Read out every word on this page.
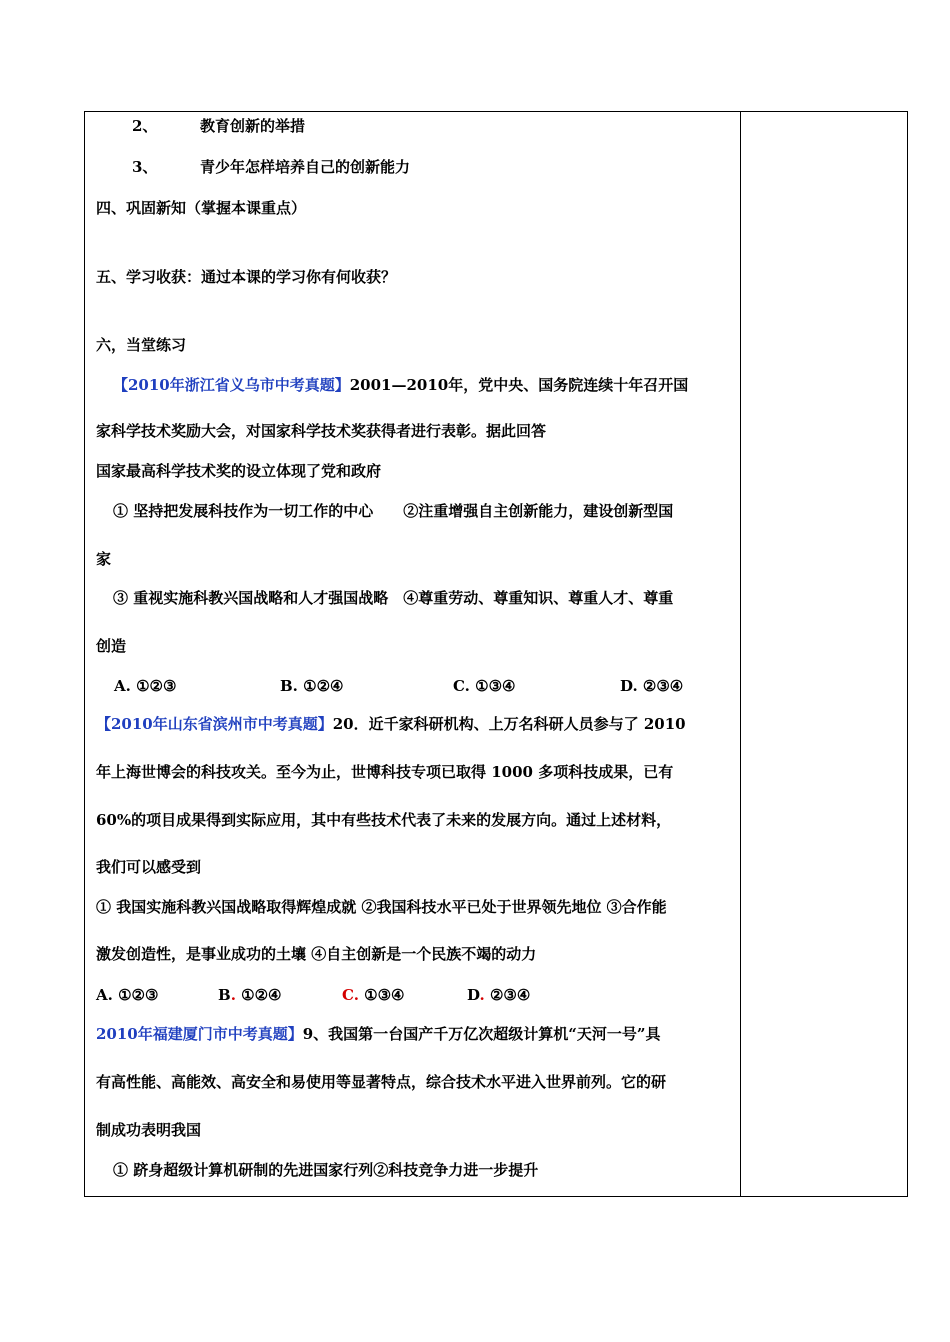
2、	教育创新的举措
3、	青少年怎样培养自己的创新能力
四、巩固新知（掌握本课重点）
五、学习收获：通过本课的学习你有何收获？
六，当堂练习
【2010年浙江省义乌市中考真题】2001—2010年，党中央、国务院连续十年召开国
家科学技术奖励大会，对国家科学技术奖获得者进行表彰。据此回答
国家最高科学技术奖的设立体现了党和政府
① 坚持把发展科技作为一切工作的中心　　②注重增强自主创新能力，建设创新型国
家
③ 重视实施科教兴国战略和人才强国战略　④尊重劳动、尊重知识、尊重人才、尊重
创造
A. ①②③	B. ①②④	C. ①③④	D. ②③④
【2010年山东省滨州市中考真题】20．近千家科研机构、上万名科研人员参与了 2010
年上海世博会的科技攻关。至今为止，世博科技专项已取得 1000 多项科技成果，已有
60%的项目成果得到实际应用，其中有些技术代表了未来的发展方向。通过上述材料，
我们可以感受到
① 我国实施科教兴国战略取得辉煌成就 ②我国科技水平已处于世界领先地位 ③合作能
激发创造性，是事业成功的土壤 ④自主创新是一个民族不竭的动力
A. ①②③	B. ①②④	C. ①③④	D. ②③④
2010年福建厦门市中考真题】9、我国第一台国产千万亿次超级计算机“天河一号”具
有高性能、高能效、高安全和易使用等显著特点，综合技术水平进入世界前列。它的研
制成功表明我国
① 跻身超级计算机研制的先进国家行列②科技竞争力进一步提升
